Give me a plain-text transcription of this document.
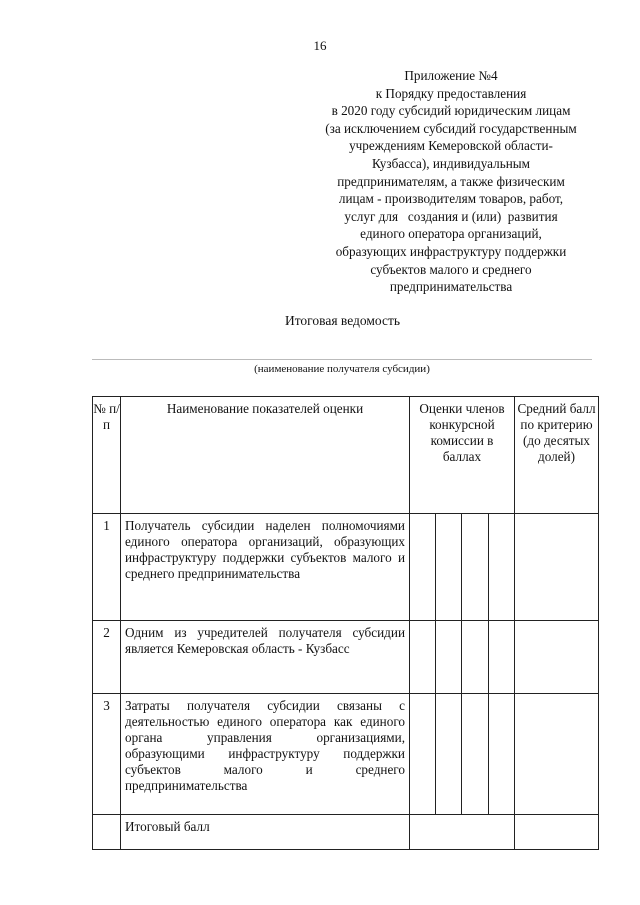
16
Приложение №4
к Порядку предоставления
в 2020 году субсидий юридическим лицам
(за исключением субсидий государственным
учреждениям Кемеровской области-
Кузбасса), индивидуальным
предпринимателям, а также физическим
лицам - производителям товаров, работ,
услуг для   создания и (или)  развития
единого оператора организаций,
образующих инфраструктуру поддержки
субъектов малого и среднего
предпринимательства
Итоговая ведомость
(наименование получателя субсидии)
№ п/п	Наименование показателей оценки	Оценки членов конкурсной комиссии в баллах				Средний балл по критерию (до десятых долей)
1	Получатель субсидии наделен полномочиями единого оператора организаций, образующих инфраструктуру поддержки субъектов малого и среднего предпринимательства					
2	Одним из учредителей получателя субсидии является Кемеровская область - Кузбасс					
3	Затраты получателя субсидии связаны с деятельностью единого оператора как единого органа управления организациями, образующими инфраструктуру поддержки субъектов малого и среднего предпринимательства					
	Итоговый балл					
